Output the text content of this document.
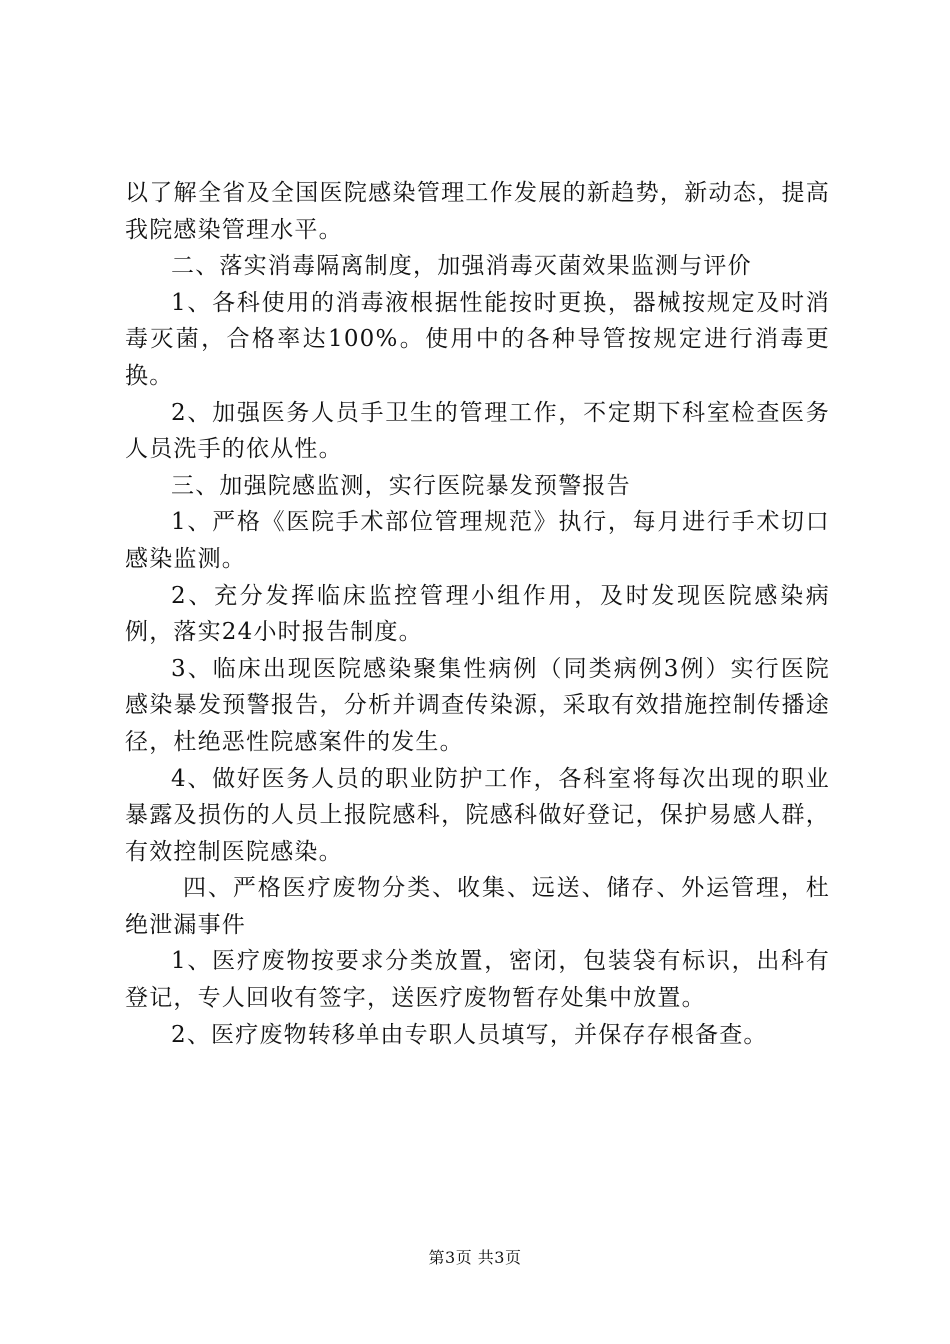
以了解全省及全国医院感染管理工作发展的新趋势，新动态，提高我院感染管理水平。

二、落实消毒隔离制度，加强消毒灭菌效果监测与评价

1、各科使用的消毒液根据性能按时更换，器械按规定及时消毒灭菌，合格率达100%。使用中的各种导管按规定进行消毒更换。

2、加强医务人员手卫生的管理工作，不定期下科室检查医务人员洗手的依从性。

三、加强院感监测，实行医院暴发预警报告

1、严格《医院手术部位管理规范》执行，每月进行手术切口感染监测。

2、充分发挥临床监控管理小组作用，及时发现医院感染病例，落实24小时报告制度。

3、临床出现医院感染聚集性病例（同类病例3例）实行医院感染暴发预警报告，分析并调查传染源，采取有效措施控制传播途径，杜绝恶性院感案件的发生。

4、做好医务人员的职业防护工作，各科室将每次出现的职业暴露及损伤的人员上报院感科，院感科做好登记，保护易感人群，有效控制医院感染。

四、严格医疗废物分类、收集、远送、储存、外运管理，杜绝泄漏事件

1、医疗废物按要求分类放置，密闭，包装袋有标识，出科有登记，专人回收有签字，送医疗废物暂存处集中放置。

2、医疗废物转移单由专职人员填写，并保存存根备查。

第3页 共3页
